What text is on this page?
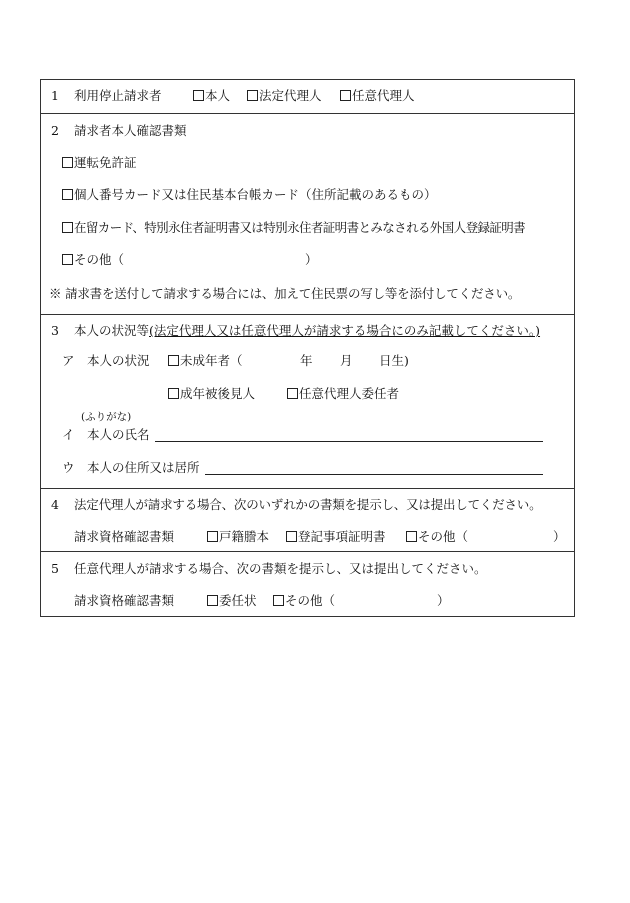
1 利用停止請求者	本人	法定代理人	任意代理人
2 請求者本人確認書類
運転免許証
個人番号カード又は住民基本台帳カード（住所記載のあるもの）
在留カード、特別永住者証明書又は特別永住者証明書とみなされる外国人登録証明書
その他（	）
※ 請求書を送付して請求する場合には、加えて住民票の写し等を添付してください。
3 本人の状況等(法定代理人又は任意代理人が請求する場合にのみ記載してください。)
ア　本人の状況	未成年者（	年 月 日生)
成年被後見人	任意代理人委任者
(ふりがな)
イ　本人の氏名
ウ　本人の住所又は居所
4 法定代理人が請求する場合、次のいずれかの書類を提示し、又は提出してください。
請求資格確認書類	戸籍謄本	登記事項証明書	その他（	）
5 任意代理人が請求する場合、次の書類を提示し、又は提出してください。
請求資格確認書類	委任状	その他（	）
